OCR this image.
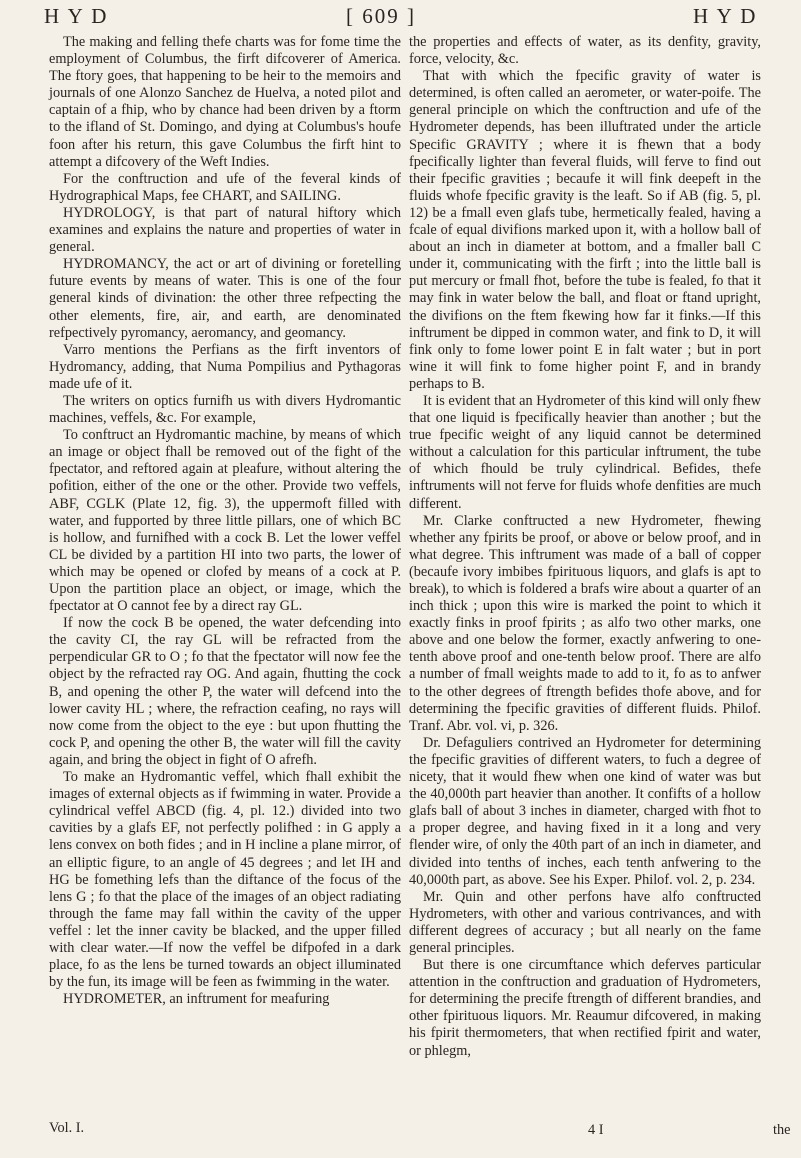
H Y D	[ 609 ]	H Y D

The making and felling thefe charts was for fome time the employment of Columbus, the firft difcoverer of America. The ftory goes, that happening to be heir to the memoirs and journals of one Alonzo Sanchez de Huelva, a noted pilot and captain of a fhip, who by chance had been driven by a ftorm to the ifland of St. Domingo, and dying at Columbus's houfe foon after his return, this gave Columbus the firft hint to attempt a difcovery of the Weft Indies.

For the conftruction and ufe of the feveral kinds of Hydrographical Maps, fee CHART, and SAILING.

HYDROLOGY, is that part of natural hiftory which examines and explains the nature and properties of water in general.

HYDROMANCY, the act or art of divining or foretelling future events by means of water. This is one of the four general kinds of divination: the other three refpecting the other elements, fire, air, and earth, are denominated refpectively pyromancy, aeromancy, and geomancy.

Varro mentions the Perfians as the firft inventors of Hydromancy, adding, that Numa Pompilius and Pythagoras made ufe of it.

The writers on optics furnifh us with divers Hydromantic machines, veffels, &c. For example,

To conftruct an Hydromantic machine, by means of which an image or object fhall be removed out of the fight of the fpectator, and reftored again at pleafure, without altering the pofition, either of the one or the other. Provide two veffels, ABF, CGLK (Plate 12, fig. 3), the uppermoft filled with water, and fupported by three little pillars, one of which BC is hollow, and furnifhed with a cock B. Let the lower veffel CL be divided by a partition HI into two parts, the lower of which may be opened or clofed by means of a cock at P. Upon the partition place an object, or image, which the fpectator at O cannot fee by a direct ray GL.

If now the cock B be opened, the water defcending into the cavity CI, the ray GL will be refracted from the perpendicular GR to O ; fo that the fpectator will now fee the object by the refracted ray OG. And again, fhutting the cock B, and opening the other P, the water will defcend into the lower cavity HL ; where, the refraction ceafing, no rays will now come from the object to the eye : but upon fhutting the cock P, and opening the other B, the water will fill the cavity again, and bring the object in fight of O afrefh.

To make an Hydromantic veffel, which fhall exhibit the images of external objects as if fwimming in water. Provide a cylindrical veffel ABCD (fig. 4, pl. 12.) divided into two cavities by a glafs EF, not perfectly polifhed : in G apply a lens convex on both fides ; and in H incline a plane mirror, of an elliptic figure, to an angle of 45 degrees ; and let IH and HG be fomething lefs than the diftance of the focus of the lens G ; fo that the place of the images of an object radiating through the fame may fall within the cavity of the upper veffel : let the inner cavity be blacked, and the upper filled with clear water.—If now the veffel be difpofed in a dark place, fo as the lens be turned towards an object illuminated by the fun, its image will be feen as fwimming in the water.

HYDROMETER, an inftrument for meafuring

the properties and effects of water, as its denfity, gravity, force, velocity, &c.

That with which the fpecific gravity of water is determined, is often called an aerometer, or water-poife. The general principle on which the conftruction and ufe of the Hydrometer depends, has been illuftrated under the article Specific GRAVITY ; where it is fhewn that a body fpecifically lighter than feveral fluids, will ferve to find out their fpecific gravities ; becaufe it will fink deepeft in the fluids whofe fpecific gravity is the leaft. So if AB (fig. 5, pl. 12) be a fmall even glafs tube, hermetically fealed, having a fcale of equal divifions marked upon it, with a hollow ball of about an inch in diameter at bottom, and a fmaller ball C under it, communicating with the firft ; into the little ball is put mercury or fmall fhot, before the tube is fealed, fo that it may fink in water below the ball, and float or ftand upright, the divifions on the ftem fkewing how far it finks.—If this inftrument be dipped in common water, and fink to D, it will fink only to fome lower point E in falt water ; but in port wine it will fink to fome higher point F, and in brandy perhaps to B.

It is evident that an Hydrometer of this kind will only fhew that one liquid is fpecifically heavier than another ; but the true fpecific weight of any liquid cannot be determined without a calculation for this particular inftrument, the tube of which fhould be truly cylindrical. Befides, thefe inftruments will not ferve for fluids whofe denfities are much different.

Mr. Clarke conftructed a new Hydrometer, fhewing whether any fpirits be proof, or above or below proof, and in what degree. This inftrument was made of a ball of copper (becaufe ivory imbibes fpirituous liquors, and glafs is apt to break), to which is foldered a brafs wire about a quarter of an inch thick ; upon this wire is marked the point to which it exactly finks in proof fpirits ; as alfo two other marks, one above and one below the former, exactly anfwering to one-tenth above proof and one-tenth below proof. There are alfo a number of fmall weights made to add to it, fo as to anfwer to the other degrees of ftrength befides thofe above, and for determining the fpecific gravities of different fluids. Philof. Tranf. Abr. vol. vi, p. 326.

Dr. Defaguliers contrived an Hydrometer for determining the fpecific gravities of different waters, to fuch a degree of nicety, that it would fhew when one kind of water was but the 40,000th part heavier than another. It confifts of a hollow glafs ball of about 3 inches in diameter, charged with fhot to a proper degree, and having fixed in it a long and very flender wire, of only the 40th part of an inch in diameter, and divided into tenths of inches, each tenth anfwering to the 40,000th part, as above. See his Exper. Philof. vol. 2, p. 234.

Mr. Quin and other perfons have alfo conftructed Hydrometers, with other and various contrivances, and with different degrees of accuracy ; but all nearly on the fame general principles.

But there is one circumftance which deferves particular attention in the conftruction and graduation of Hydrometers, for determining the precife ftrength of different brandies, and other fpirituous liquors. Mr. Reaumur difcovered, in making his fpirit thermometers, that when rectified fpirit and water, or phlegm,

Vol. I.	4 I	the
